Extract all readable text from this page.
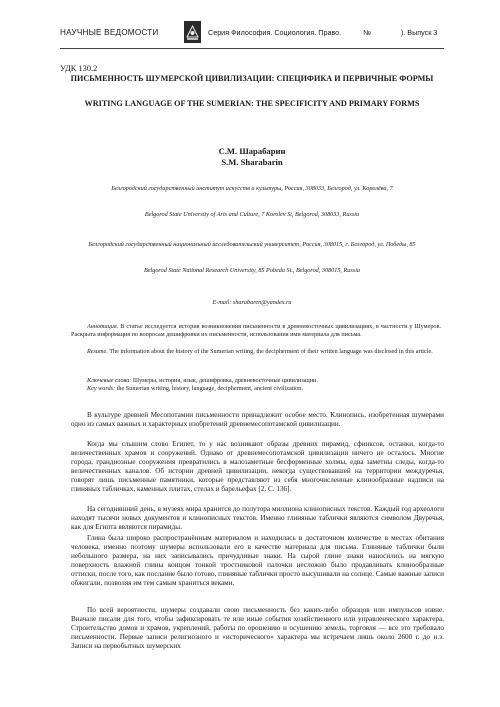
НАУЧНЫЕ ВЕДОМОСТИ	Серия Философия. Социология. Право.	№	). Выпуск 3
УДК 130.2
ПИСЬМЕННОСТЬ ШУМЕРСКОЙ ЦИВИЛИЗАЦИИ: СПЕЦИФИКА И ПЕРВИЧНЫЕ ФОРМЫ
WRITING LANGUAGE OF THE SUMERIAN: THE SPECIFICITY AND PRIMARY FORMS
С.М. Шарабарин
S.M. Sharabarin
Белгородский государственный институт искусств и культуры, Россия, 308033, Белгород, ул. Королёва, 7
Belgorod State University of Arts and Culture, 7 Korolev St, Belgorod, 308033, Russia
Белгородский государственный национальный исследовательский университет, Россия, 308015, г. Белгород, ул. Победы, 85
Belgorod State National Research University, 85 Pobeda St., Belgorod, 308015, Russia
E-mail: sharabaren@yandex.ru
Аннотация. В статье исследуется история возникновения письменности в древневосточных цивилизациях, в частности у Шумеров. Раскрыта информация по вопросам дешифровки их письменности, использования ими материала для письма.
Resume. The information about the history of the Sumerian writing, the decipherment of their written language was disclosed in this article.
Ключевые слова: Шумеры, история, язык, дешифровка, древневосточные цивилизации.
Key words: the Sumerian writing, history, language, decipherment, ancient civilization.

В культуре древней Месопотамии письменности принадлежит особое место. Клинопись, изобретенная шумерами одно из самых важных и характерных изобретений древнемесопотамской цивилизации.

Когда мы слышим слово Египет, то у нас возникают образы древних пирамид, сфинксов, останки, когда-то величественных храмов и сооружений. Однако от древнемесопотамской цивилизации ничего не осталось. Многие города, грандиозные сооружения превратились в малозаметные бесформенные холмы, едва заметны следы, когда-то величественных каналов. Об истории древней цивилизации, некогда существовавшей на территории междуречья, говорят лишь письменные памятники, которые представляют из себя многочисленные клинообразные надписи на глиняных табличках, каменных плитах, стелах и барельефах [2, С. 136].

На сегодняшний день, в музеях мира хранится до полутора миллиона клинописных текстов. Каждый год археологи находят тысячи новых документов и клинописных текстов. Именно глиняные таблички являются символом Двуречья, как для Египта являются пирамиды.

Глина была широко распространённым материалом и находилась в достаточном количестве в местах обитания человека, именно поэтому шумеры использовали его в качестве материала для письма. Глиняные таблички были небольшого размера, на них записывались причудливые знаки. На сырой глине знаки наносились на мягкую поверхность влажной глины концом тонкой тростниковой палочки несложно было продавливать клинообразные оттиски, после того, как послание было готово, глиняные таблички просто высушивали на солнце. Самые важные записи обжигали, позволяя им тем самым храниться веками.

По всей вероятности, шумеры создавали свою письменность без каких-либо образцов или импульсов извне. Вначале писали для того, чтобы зафиксировать те или иные события хозяйственного или управленческого характера. Строительство домов и храмов, укреплений, работы по орошению и осушению земель, торговля — все это требовало письменности. Первые записи религиозного и «исторического» характера мы встречаем лишь около 2600 г. до н.э. Записи на первобытных шумерских
